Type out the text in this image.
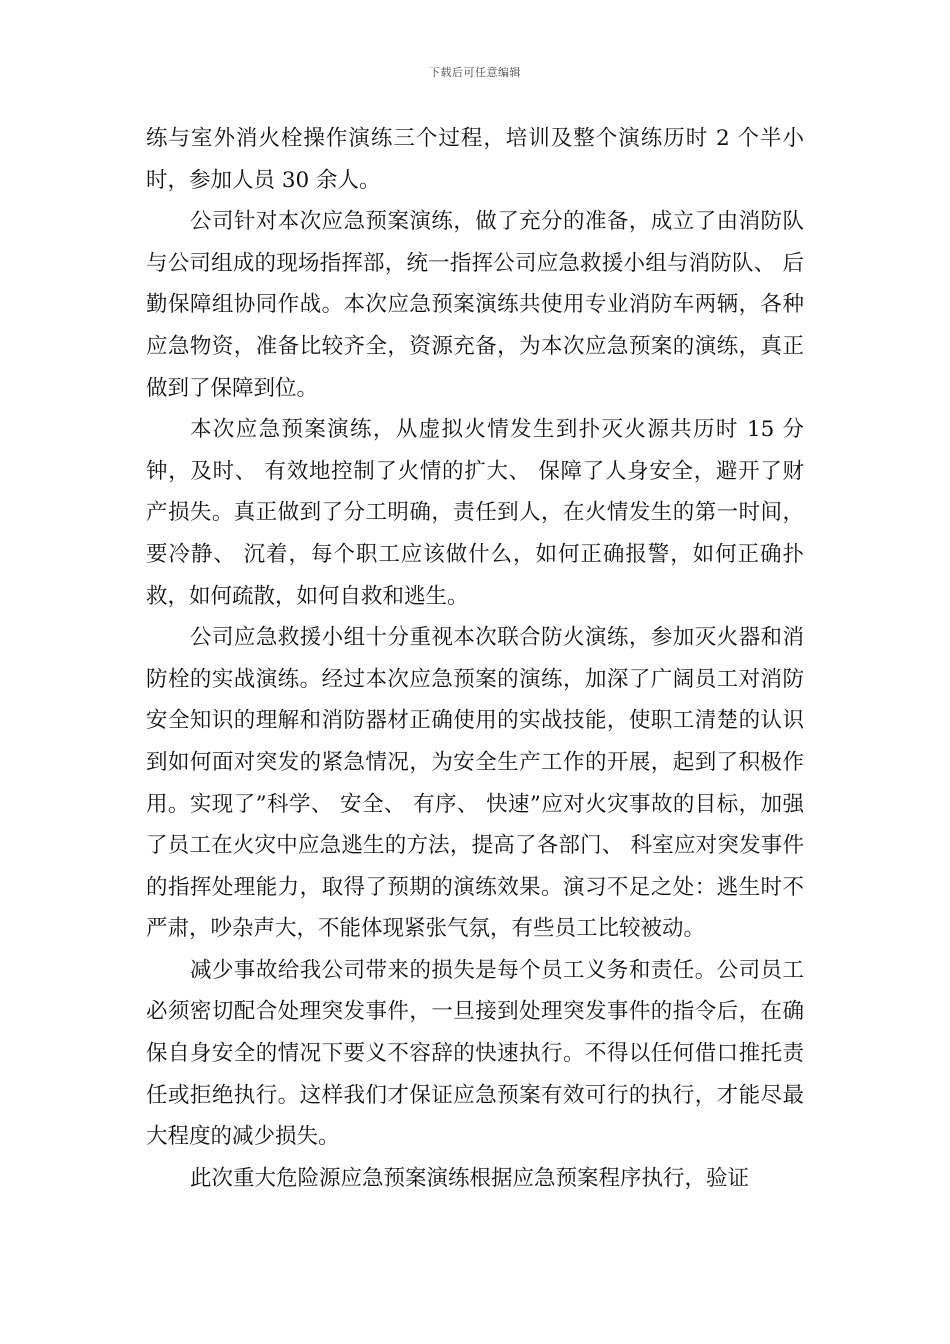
下载后可任意编辑

练与室外消火栓操作演练三个过程，培训及整个演练历时 2 个半小时，参加人员 30 余人。

公司针对本次应急预案演练，做了充分的准备，成立了由消防队与公司组成的现场指挥部，统一指挥公司应急救援小组与消防队、 后勤保障组协同作战。本次应急预案演练共使用专业消防车两辆，各种应急物资，准备比较齐全，资源充备，为本次应急预案的演练，真正做到了保障到位。

本次应急预案演练，从虚拟火情发生到扑灭火源共历时 15 分钟，及时、 有效地控制了火情的扩大、 保障了人身安全，避开了财产损失。真正做到了分工明确，责任到人，在火情发生的第一时间，要冷静、 沉着，每个职工应该做什么，如何正确报警，如何正确扑救，如何疏散，如何自救和逃生。

公司应急救援小组十分重视本次联合防火演练，参加灭火器和消防栓的实战演练。经过本次应急预案的演练，加深了广阔员工对消防安全知识的理解和消防器材正确使用的实战技能，使职工清楚的认识到如何面对突发的紧急情况，为安全生产工作的开展，起到了积极作用。实现了”科学、 安全、 有序、 快速”应对火灾事故的目标，加强了员工在火灾中应急逃生的方法，提高了各部门、 科室应对突发事件的指挥处理能力，取得了预期的演练效果。演习不足之处：逃生时不严肃，吵杂声大，不能体现紧张气氛，有些员工比较被动。

减少事故给我公司带来的损失是每个员工义务和责任。公司员工必须密切配合处理突发事件，一旦接到处理突发事件的指令后，在确保自身安全的情况下要义不容辞的快速执行。不得以任何借口推托责任或拒绝执行。这样我们才保证应急预案有效可行的执行，才能尽最大程度的减少损失。

此次重大危险源应急预案演练根据应急预案程序执行，验证
